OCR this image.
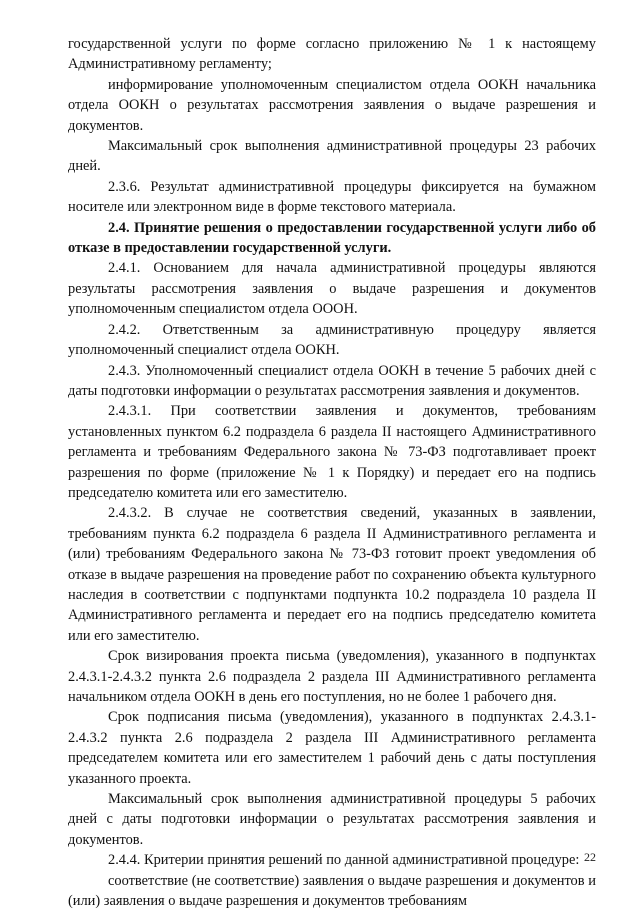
государственной услуги по форме согласно приложению № 1 к настоящему Административному регламенту;

информирование уполномоченным специалистом отдела ООКН начальника отдела ООКН о результатах рассмотрения заявления о выдаче разрешения и документов.

Максимальный срок выполнения административной процедуры 23 рабочих дней.

2.3.6. Результат административной процедуры фиксируется на бумажном носителе или электронном виде в форме текстового материала.

2.4. Принятие решения о предоставлении государственной услуги либо об отказе в предоставлении государственной услуги.

2.4.1. Основанием для начала административной процедуры являются результаты рассмотрения заявления о выдаче разрешения и документов уполномоченным специалистом отдела ОООН.

2.4.2. Ответственным за административную процедуру является уполномоченный специалист отдела ООКН.

2.4.3. Уполномоченный специалист отдела ООКН в течение 5 рабочих дней с даты подготовки информации о результатах рассмотрения заявления и документов.

2.4.3.1. При соответствии заявления и документов, требованиям установленных пунктом 6.2 подраздела 6 раздела II настоящего Административного регламента и требованиям Федерального закона № 73-ФЗ подготавливает проект разрешения по форме (приложение № 1 к Порядку) и передает его на подпись председателю комитета или его заместителю.

2.4.3.2. В случае не соответствия сведений, указанных в заявлении, требованиям пункта 6.2 подраздела 6 раздела II Административного регламента и (или) требованиям Федерального закона № 73-ФЗ готовит проект уведомления об отказе в выдаче разрешения на проведение работ по сохранению объекта культурного наследия в соответствии с подпунктами подпункта 10.2 подраздела 10 раздела II Административного регламента и передает его на подпись председателю комитета или его заместителю.

Срок визирования проекта письма (уведомления), указанного в подпунктах 2.4.3.1-2.4.3.2 пункта 2.6 подраздела 2 раздела III Административного регламента начальником отдела ООКН в день его поступления, но не более 1 рабочего дня.

Срок подписания письма (уведомления), указанного в подпунктах 2.4.3.1-2.4.3.2 пункта 2.6 подраздела 2 раздела III Административного регламента председателем комитета или его заместителем 1 рабочий день с даты поступления указанного проекта.

Максимальный срок выполнения административной процедуры 5 рабочих дней с даты подготовки информации о результатах рассмотрения заявления и документов.

2.4.4. Критерии принятия решений по данной административной процедуре:

соответствие (не соответствие) заявления о выдаче разрешения и документов и (или) заявления о выдаче разрешения и документов требованиям

22
